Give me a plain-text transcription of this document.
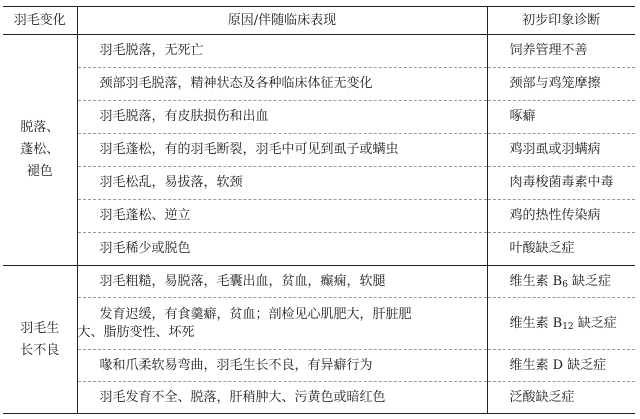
羽毛变化	原因/伴随临床表现	初步印象诊断
脱落、
蓬松、
褪色	羽毛脱落，无死亡	饲养管理不善
	颈部羽毛脱落，精神状态及各种临床体征无变化	颈部与鸡笼摩擦
	羽毛脱落，有皮肤损伤和出血	啄癖
	羽毛蓬松，有的羽毛断裂，羽毛中可见到虱子或螨虫	鸡羽虱或羽螨病
	羽毛松乱，易拔落，软颈	肉毒梭菌毒素中毒
	羽毛蓬松、逆立	鸡的热性传染病
	羽毛稀少或脱色	叶酸缺乏症
羽毛生
长不良	羽毛粗糙，易脱落，毛囊出血，贫血，癫痫，软腿	维生素 $B_6$ 缺乏症

	发育迟缓，有食羹癖，贫血；剖检见心肌肥大，肝脏肥
大、脂肪变性、坏死	维生素 $B_{12}$ 缺乏症
	喙和爪柔软易弯曲，羽毛生长不良，有异癖行为	维生素 D 缺乏症
	羽毛发育不全、脱落，肝稍肿大、污黄色或暗红色	泛酸缺乏症
